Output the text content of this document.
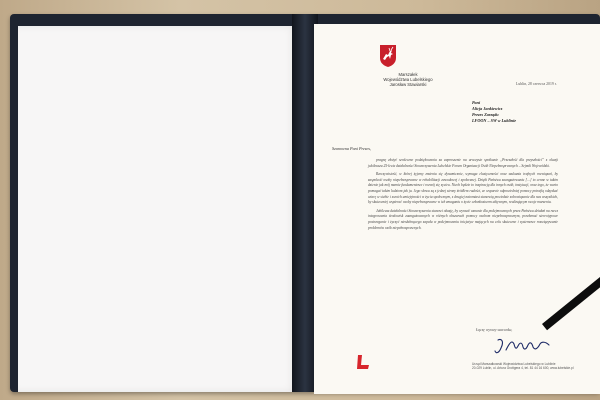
Marszałek
Województwa Lubelskiego
Jarosław Stawiarski	Lublin, 28 czerwca 2019 r.
Pani
Alicja Jankiewicz
Prezes Zarządu
LFOON – SW w Lublinie
Szanowna Pani Prezes,

pragnę złożyć serdeczne podziękowania za zaproszenie na uroczyste spotkanie „Przeszłość dla przyszłości” z okazji jubileuszu 25-lecia działalności Stowarzyszenia Lubelskie Forum Organizacji Osób Niepełnosprawnych – Sejmik Wojewódzki.

Rzeczywistość, w której żyjemy zmienia się dynamicznie, wymaga elastyczności oraz szukania trafnych rozwiązań, by zaspokoić osoby niepełnosprawne w rehabilitacji zawodowej i społecznej. Dzięki Państwa zaangażowaniu […] to cenne w takim dzienie jak mój mamie fundamentowe i rozwój się zycieu. Niech będzie to inspiracją dla innych osób, instytucji, oraz tego, że warto pomagać takim ludziom jak ja. Jego słowa są z jednej strony źródłem radości, ze wsparcie odpowiedniej pomocy potrafią odzyskać wiarę w siebie i swoich umiejętności w życiu społecznym, z drugiej natomiast stanowią powiedzie zobowiązanie dla nas wszystkich, by skuteczniej wspierać osoby niepełnosprawne w ich zmaganiu o życie członkostwem aktywnym, realizującym swoje marzenia.

Jubileusz działalności Stowarzyszenia stanowi okazję, by wyrazić uznanie dla podejmowanych przez Państwa działań na rzecz integrowania środowisk zaangażowanych w różnych obszarach pomocy osobom niepełnosprawnym, przełamać stereotypowe postrzeganie i życzyć niesłabnącego zapału w podejmowaniu inicjatyw mających na celu skuteczne i systemowe rozwiązywanie problemów osób niepełnosprawnych.

Łączę wyrazy szacunku,
Urząd Marszałkowski Województwa Lubelskiego w Lublinie
20-029 Lublin, ul. Artura Grottgera 4, tel. 81 44 16 600, www.lubelskie.pl
